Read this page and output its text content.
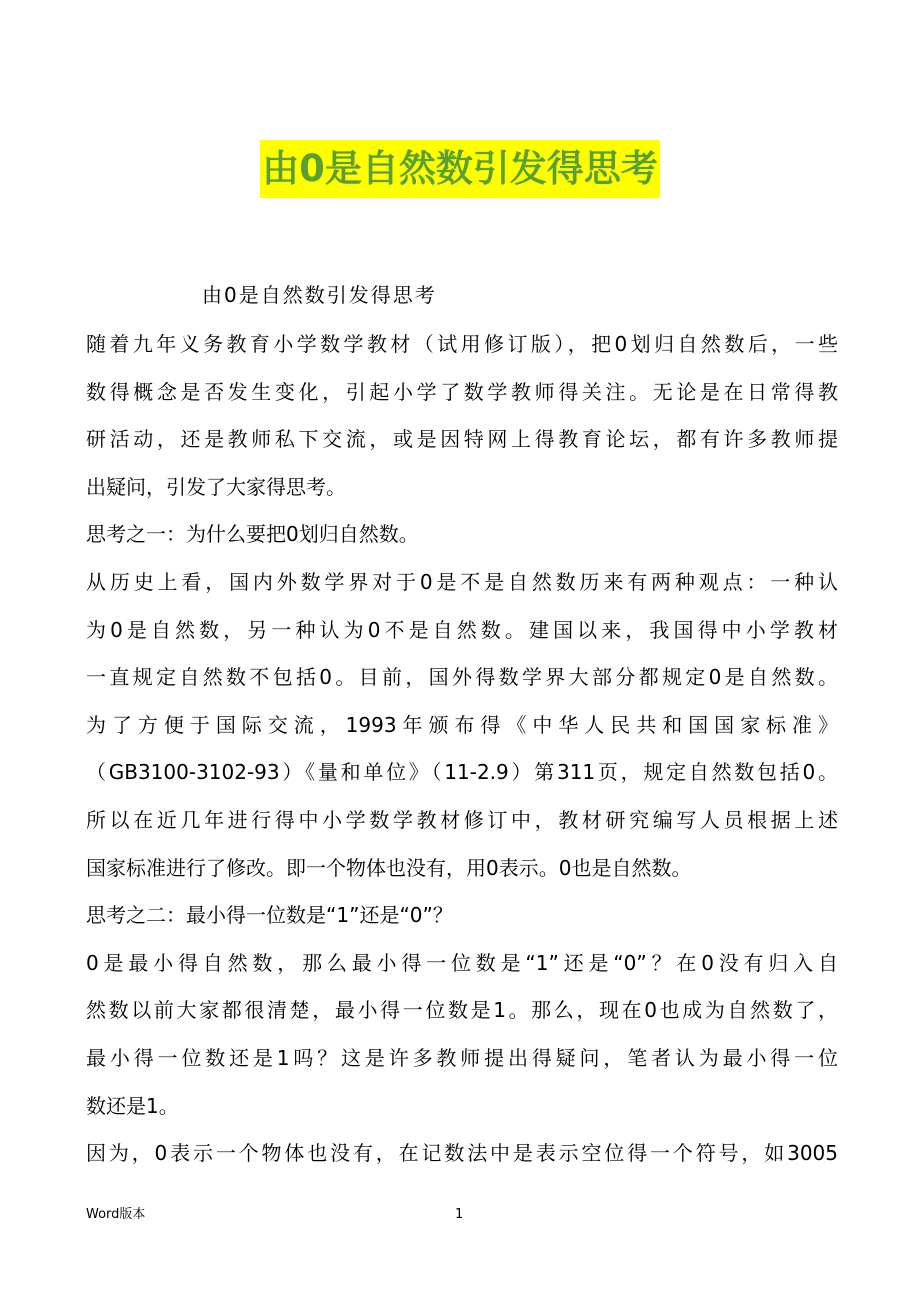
由0是自然数引发得思考
由0是自然数引发得思考
随着九年义务教育小学数学教材（试用修订版），把0划归自然数后，一些
数得概念是否发生变化，引起小学了数学教师得关注。无论是在日常得教
研活动，还是教师私下交流，或是因特网上得教育论坛，都有许多教师提
出疑问，引发了大家得思考。
思考之一：为什么要把0划归自然数。
从历史上看，国内外数学界对于0是不是自然数历来有两种观点：一种认
为0是自然数，另一种认为0不是自然数。建国以来，我国得中小学教材
一直规定自然数不包括0。目前，国外得数学界大部分都规定0是自然数。
为了方便于国际交流，1993年颁布得《中华人民共和国国家标准》
（GB3100-3102-93）《量和单位》（11-2.9）第311页，规定自然数包括0。
所以在近几年进行得中小学数学教材修订中，教材研究编写人员根据上述
国家标准进行了修改。即一个物体也没有，用0表示。0也是自然数。
思考之二：最小得一位数是“1”还是“0”？
0是最小得自然数，那么最小得一位数是“1”还是“0”？在0没有归入自
然数以前大家都很清楚，最小得一位数是1。那么，现在0也成为自然数了，
最小得一位数还是1吗？这是许多教师提出得疑问，笔者认为最小得一位
数还是1。
因为，0表示一个物体也没有，在记数法中是表示空位得一个符号，如3005
Word版本	1
